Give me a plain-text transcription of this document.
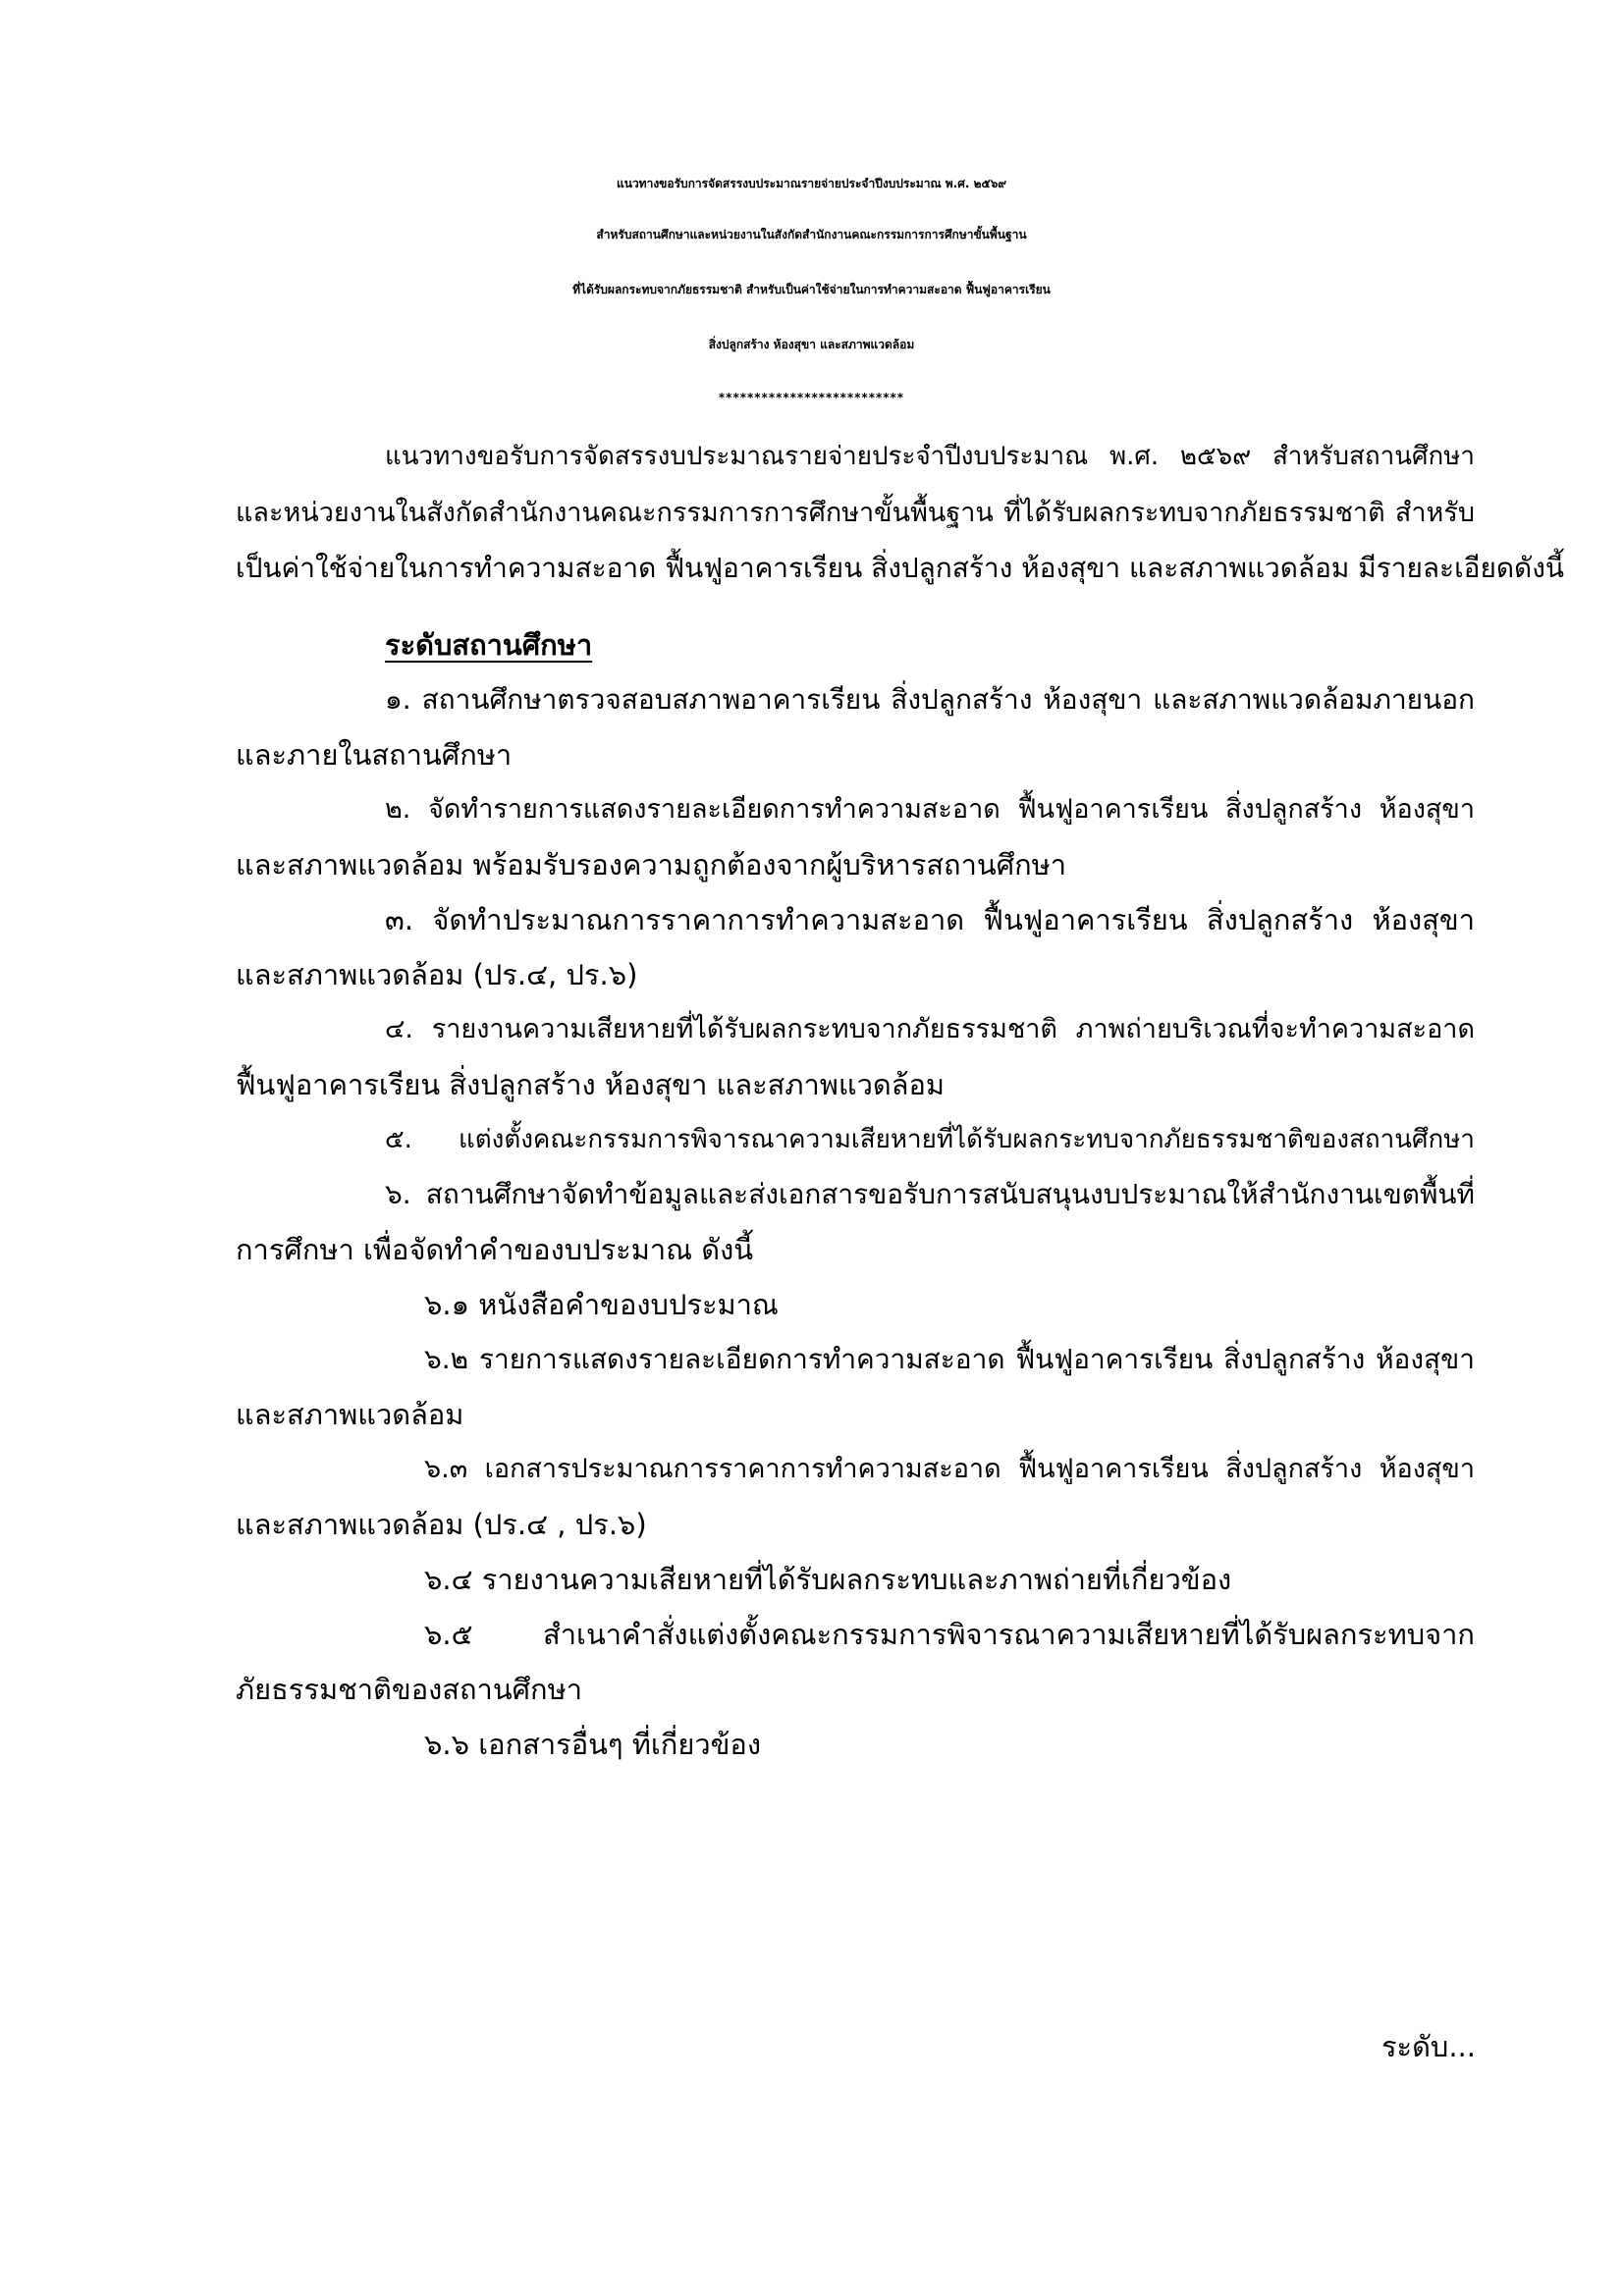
แนวทางขอรับการจัดสรรงบประมาณรายจ่ายประจำปีงบประมาณ พ.ศ. ๒๕๖๙
สำหรับสถานศึกษาและหน่วยงานในสังกัดสำนักงานคณะกรรมการการศึกษาขั้นพื้นฐาน
ที่ได้รับผลกระทบจากภัยธรรมชาติ สำหรับเป็นค่าใช้จ่ายในการทำความสะอาด ฟื้นฟูอาคารเรียน
สิ่งปลูกสร้าง ห้องสุขา และสภาพแวดล้อม
**************************
แนวทางขอรับการจัดสรรงบประมาณรายจ่ายประจำปีงบประมาณ พ.ศ. ๒๕๖๙ สำหรับสถานศึกษา
และหน่วยงานในสังกัดสำนักงานคณะกรรมการการศึกษาขั้นพื้นฐาน ที่ได้รับผลกระทบจากภัยธรรมชาติ สำหรับ
เป็นค่าใช้จ่ายในการทำความสะอาด ฟื้นฟูอาคารเรียน สิ่งปลูกสร้าง ห้องสุขา และสภาพแวดล้อม มีรายละเอียดดังนี้
ระดับสถานศึกษา
๑. สถานศึกษาตรวจสอบสภาพอาคารเรียน สิ่งปลูกสร้าง ห้องสุขา และสภาพแวดล้อมภายนอก
และภายในสถานศึกษา
๒. จัดทำรายการแสดงรายละเอียดการทำความสะอาด ฟื้นฟูอาคารเรียน สิ่งปลูกสร้าง ห้องสุขา
และสภาพแวดล้อม พร้อมรับรองความถูกต้องจากผู้บริหารสถานศึกษา
๓. จัดทำประมาณการราคาการทำความสะอาด ฟื้นฟูอาคารเรียน สิ่งปลูกสร้าง ห้องสุขา
และสภาพแวดล้อม (ปร.๔, ปร.๖)
๔. รายงานความเสียหายที่ได้รับผลกระทบจากภัยธรรมชาติ ภาพถ่ายบริเวณที่จะทำความสะอาด
ฟื้นฟูอาคารเรียน สิ่งปลูกสร้าง ห้องสุขา และสภาพแวดล้อม
๕. แต่งตั้งคณะกรรมการพิจารณาความเสียหายที่ได้รับผลกระทบจากภัยธรรมชาติของสถานศึกษา
๖. สถานศึกษาจัดทำข้อมูลและส่งเอกสารขอรับการสนับสนุนงบประมาณให้สำนักงานเขตพื้นที่
การศึกษา เพื่อจัดทำคำของบประมาณ ดังนี้
๖.๑ หนังสือคำของบประมาณ
๖.๒ รายการแสดงรายละเอียดการทำความสะอาด ฟื้นฟูอาคารเรียน สิ่งปลูกสร้าง ห้องสุขา
และสภาพแวดล้อม
๖.๓ เอกสารประมาณการราคาการทำความสะอาด ฟื้นฟูอาคารเรียน สิ่งปลูกสร้าง ห้องสุขา
และสภาพแวดล้อม (ปร.๔ , ปร.๖)
๖.๔ รายงานความเสียหายที่ได้รับผลกระทบและภาพถ่ายที่เกี่ยวข้อง
๖.๕ สำเนาคำสั่งแต่งตั้งคณะกรรมการพิจารณาความเสียหายที่ได้รับผลกระทบจาก
ภัยธรรมชาติของสถานศึกษา
๖.๖ เอกสารอื่นๆ ที่เกี่ยวข้อง
ระดับ...
